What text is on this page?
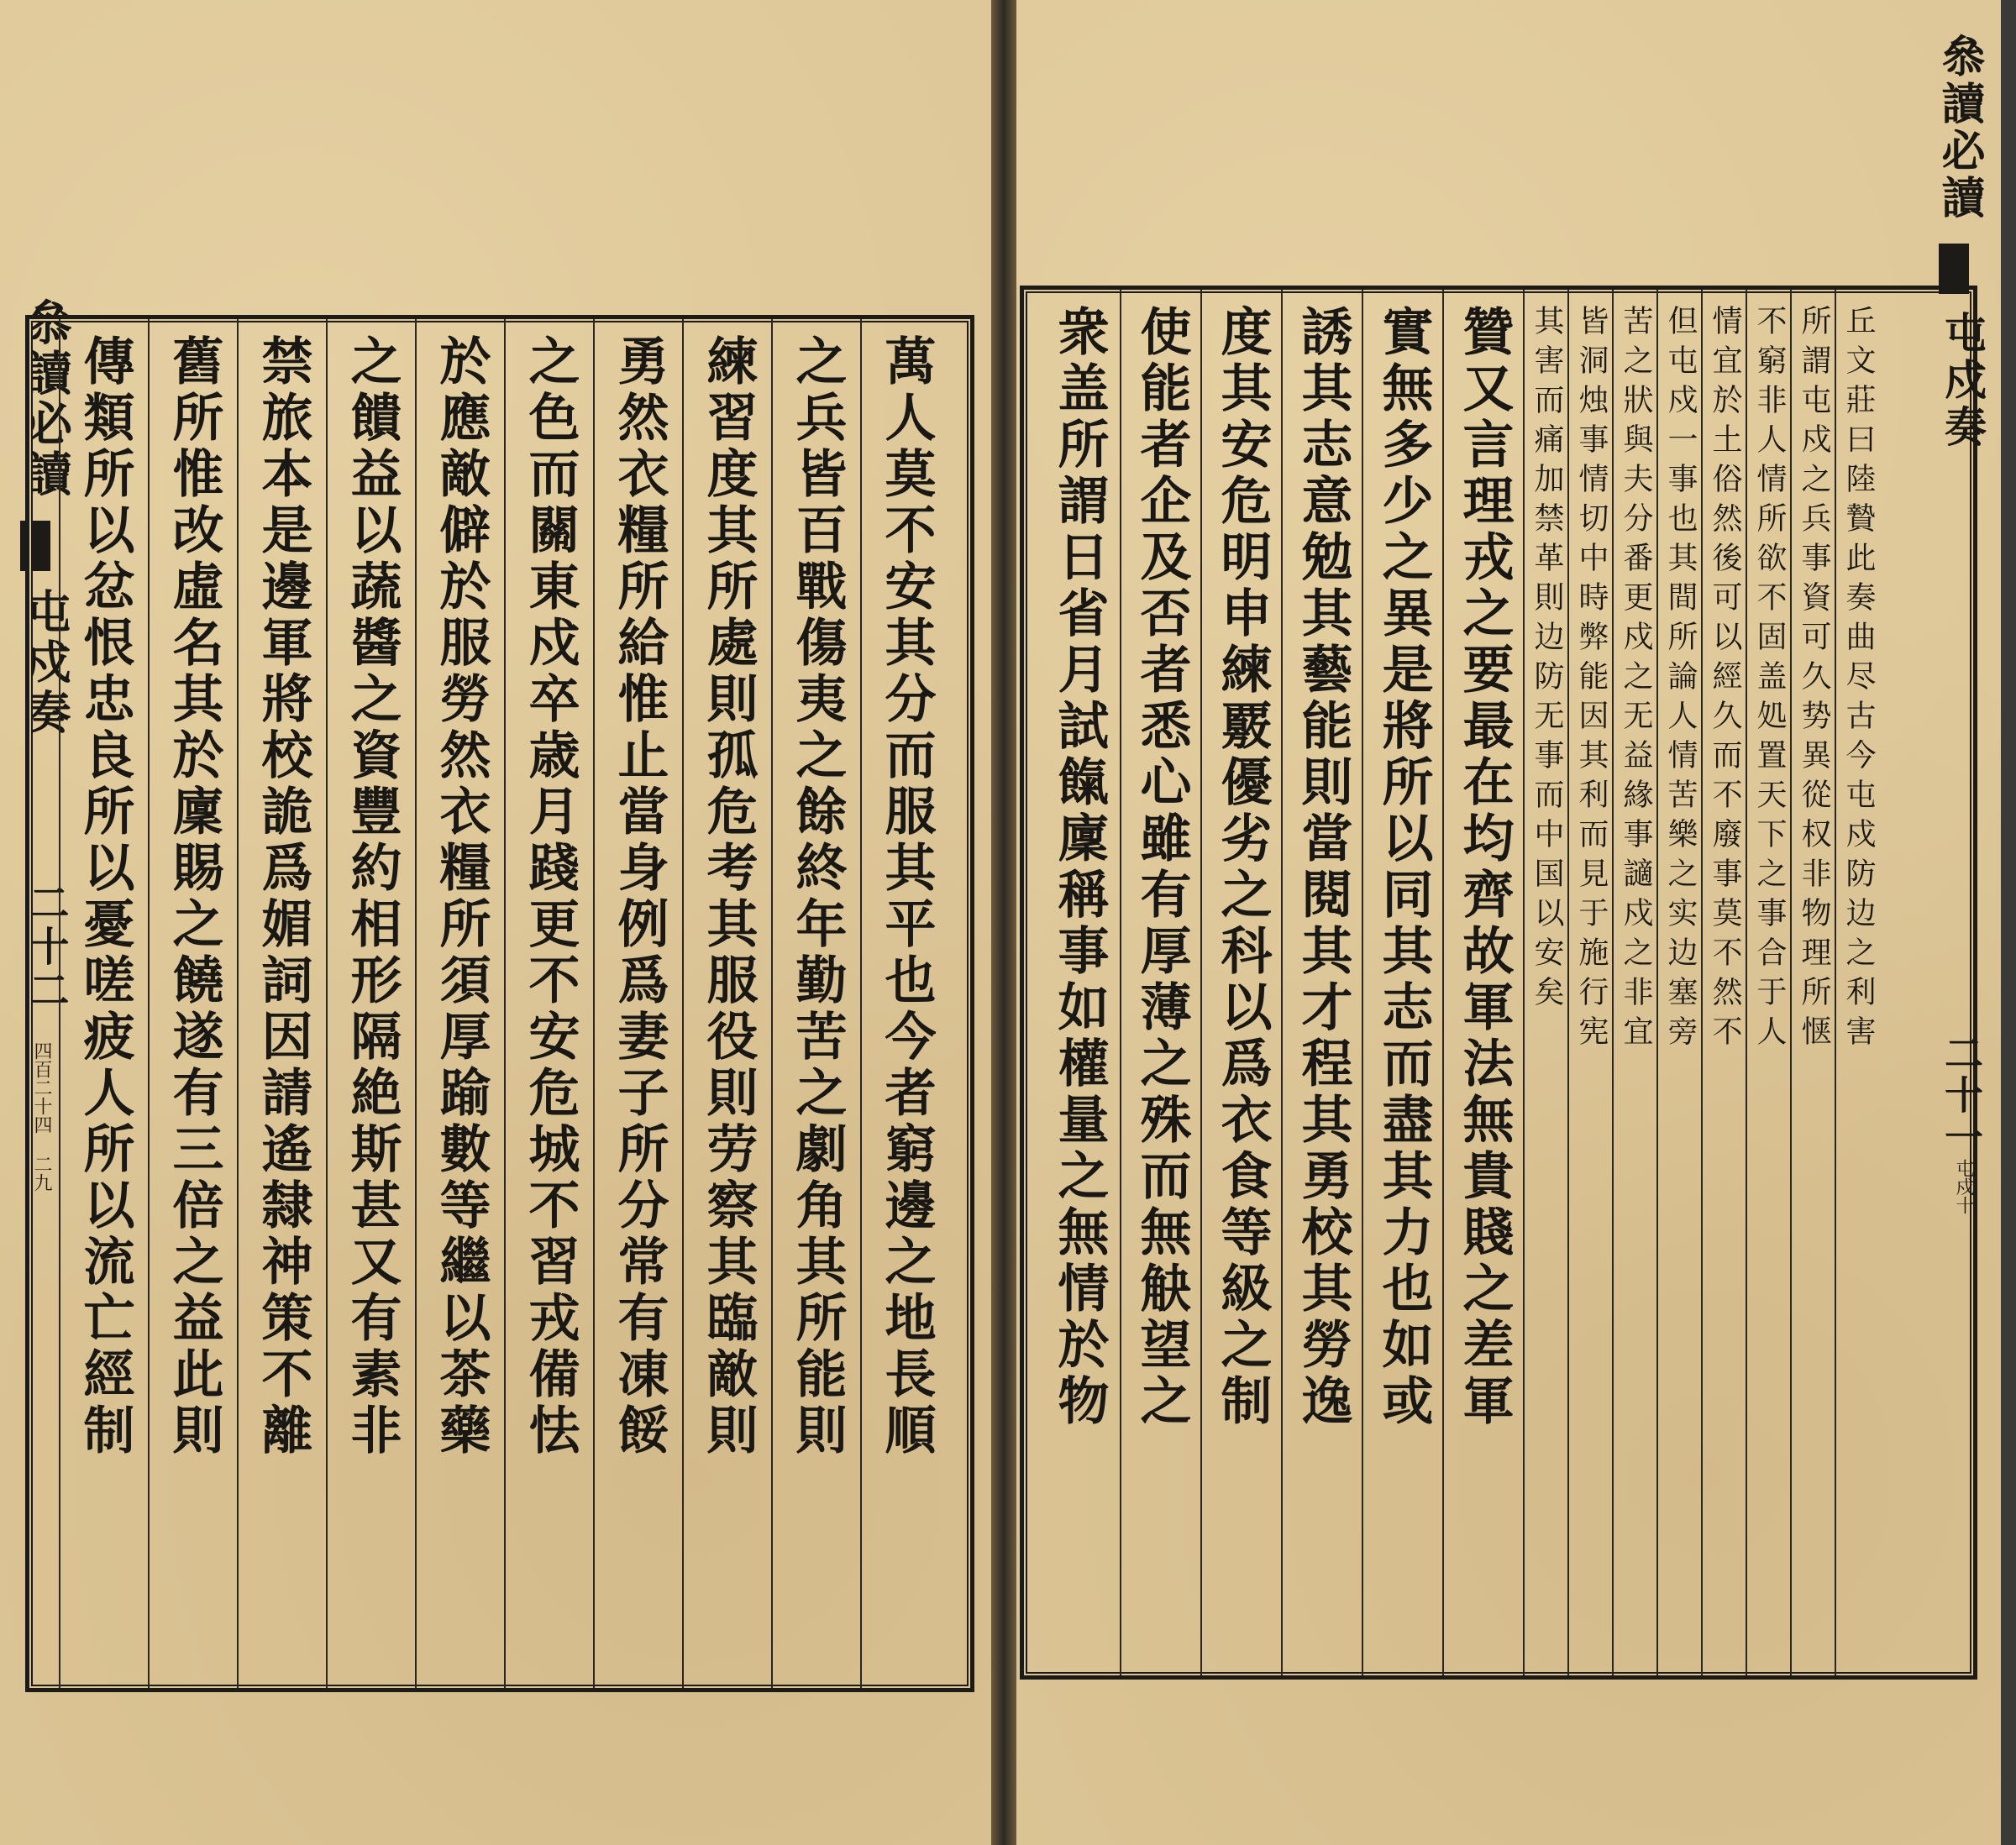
叅讀必讀
屯戍奏
二十二
四百二十四 二九 傳類所以忿恨忠良所以憂嗟疲人所以流亡經制 舊所惟改虛名其於廩賜之饒遂有三倍之益此則 禁旅本是邊軍將校詭爲媚詞因請遙隸神策不離 之饋益以蔬醬之資豐約相形隔絶斯甚又有素非 於應敵僻於服勞然衣糧所須厚踰數等繼以茶藥 之色而關東戍卒歳月踐更不安危城不習戎備怯 勇然衣糧所給惟止當身例爲妻子所分常有凍餒 練習度其所處則孤危考其服役則劳察其臨敵則 之兵皆百戰傷夷之餘終年勤苦之劇角其所能則 萬人莫不安其分而服其平也今者窮邊之地長順 衆盖所謂日省月試餼廩稱事如權量之無情於物 使能者企及否者悉心雖有厚薄之殊而無觖望之 度其安危明申練覈優劣之科以爲衣食等級之制 誘其志意勉其藝能則當閱其才程其勇校其勞逸 實無多少之異是將所以同其志而盡其力也如或 贊又言理戎之要最在均齊故軍法無貴賤之差軍 其害而痛加禁革則边防无事而中国以安矣 皆洞烛事情切中時弊能因其利而見于施行宪 苦之狀與夫分番更戍之无益緣事讁戍之非宜 但屯戍一事也其間所論人情苦樂之实边塞旁 情宜於土俗然後可以經久而不廢事莫不然不 不窮非人情所欲不固盖処置天下之事合于人 所謂屯戍之兵事資可久势異從权非物理所惬 丘文莊曰陸贄此奏曲尽古今屯戍防边之利害
叅讀必讀
屯戍奏
二十一
屯戍十
